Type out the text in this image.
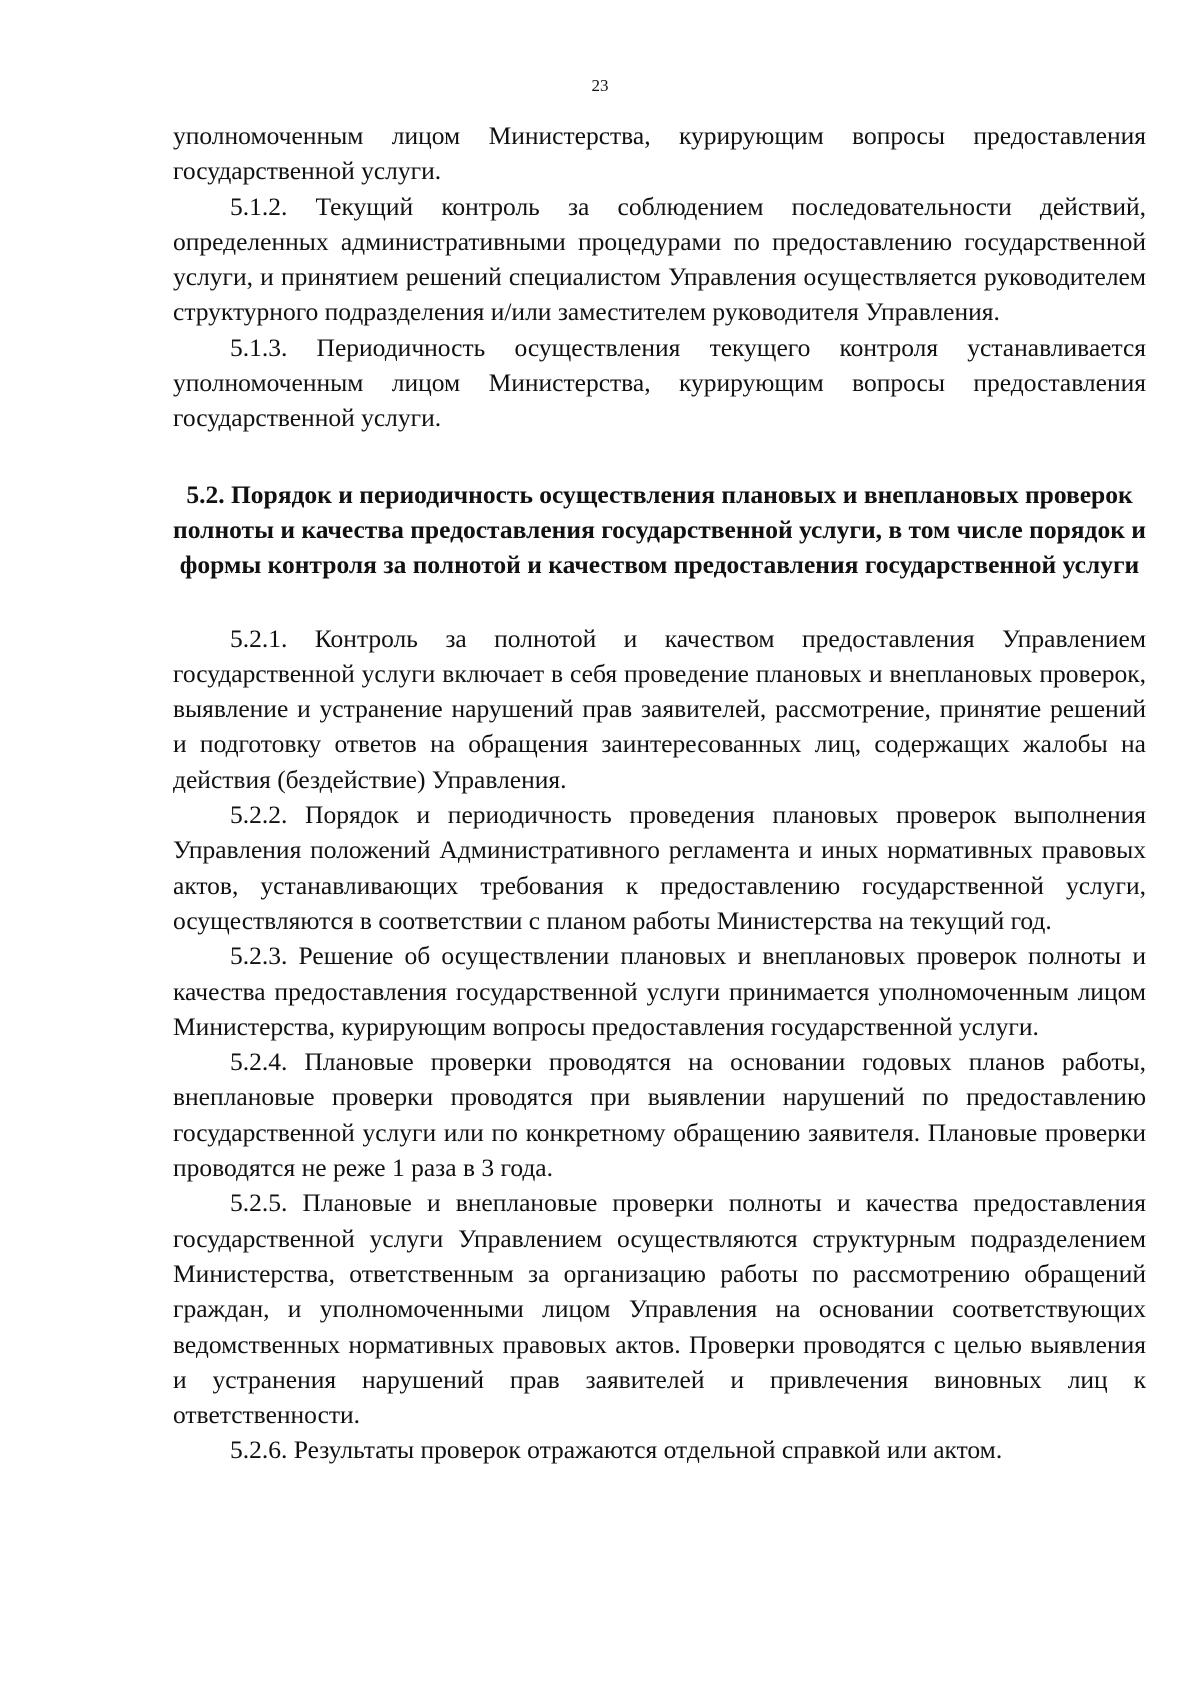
23

уполномоченным лицом Министерства, курирующим вопросы предоставления государственной услуги.

5.1.2. Текущий контроль за соблюдением последовательности действий, определенных административными процедурами по предоставлению государственной услуги, и принятием решений специалистом Управления осуществляется руководителем структурного подразделения и/или заместителем руководителя Управления.

5.1.3. Периодичность осуществления текущего контроля устанавливается уполномоченным лицом Министерства, курирующим вопросы предоставления государственной услуги.

5.2. Порядок и периодичность осуществления плановых и внеплановых проверок полноты и качества предоставления государственной услуги, в том числе порядок и формы контроля за полнотой и качеством предоставления государственной услуги

5.2.1. Контроль за полнотой и качеством предоставления Управлением государственной услуги включает в себя проведение плановых и внеплановых проверок, выявление и устранение нарушений прав заявителей, рассмотрение, принятие решений и подготовку ответов на обращения заинтересованных лиц, содержащих жалобы на действия (бездействие) Управления.

5.2.2. Порядок и периодичность проведения плановых проверок выполнения Управления положений Административного регламента и иных нормативных правовых актов, устанавливающих требования к предоставлению государственной услуги, осуществляются в соответствии с планом работы Министерства на текущий год.

5.2.3. Решение об осуществлении плановых и внеплановых проверок полноты и качества предоставления государственной услуги принимается уполномоченным лицом Министерства, курирующим вопросы предоставления государственной услуги.

5.2.4. Плановые проверки проводятся на основании годовых планов работы, внеплановые проверки проводятся при выявлении нарушений по предоставлению государственной услуги или по конкретному обращению заявителя. Плановые проверки проводятся не реже 1 раза в 3 года.

5.2.5. Плановые и внеплановые проверки полноты и качества предоставления государственной услуги Управлением осуществляются структурным подразделением Министерства, ответственным за организацию работы по рассмотрению обращений граждан, и уполномоченными лицом Управления на основании соответствующих ведомственных нормативных правовых актов. Проверки проводятся с целью выявления и устранения нарушений прав заявителей и привлечения виновных лиц к ответственности.

5.2.6. Результаты проверок отражаются отдельной справкой или актом.
